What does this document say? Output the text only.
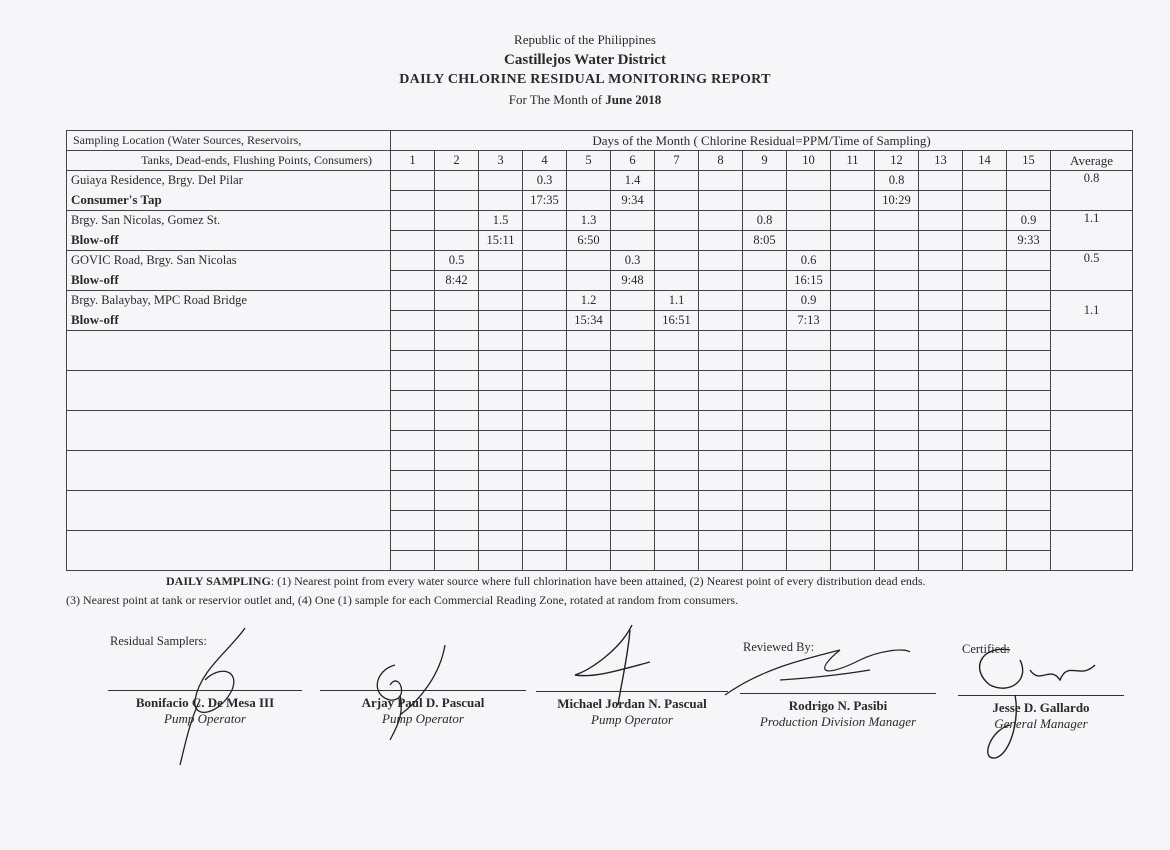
Republic of the Philippines
Castillejos Water District
DAILY CHLORINE RESIDUAL MONITORING REPORT
For The Month of June 2018
Sampling Location (Water Sources, Reservoirs,	Days of the Month ( Chlorine Residual=PPM/Time of Sampling)															
Tanks, Dead-ends, Flushing Points, Consumers)	1	2	3	4	5	6	7	8	9	10	11	12	13	14	15	Average
Guiaya Residence, Brgy. Del Pilar				0.3		1.4						0.8				0.8
Consumer's Tap				17:35		9:34						10:29				
Brgy. San Nicolas, Gomez St.			1.5		1.3				0.8						0.9	1.1
Blow-off			15:11		6:50				8:05						9:33	
GOVIC Road, Brgy. San Nicolas		0.5				0.3				0.6						0.5
Blow-off		8:42				9:48				16:15						
Brgy. Balaybay, MPC Road Bridge					1.2		1.1			0.9						1.1
Blow-off					15:34		16:51			7:13						

DAILY SAMPLING: (1) Nearest point from every water source where full chlorination have been attained, (2) Nearest point of every distribution dead ends.
(3) Nearest point at tank or reservior outlet and, (4) One (1) sample for each Commercial Reading Zone, rotated at random from consumers.
Residual Samplers:	Reviewed By:	Certified:
Bonifacio C. De Mesa III
Pump Operator
Arjay Paul D. Pascual
Pump Operator
Michael Jordan N. Pascual
Pump Operator
Rodrigo N. Pasibi
Production Division Manager
Jesse D. Gallardo
General Manager
